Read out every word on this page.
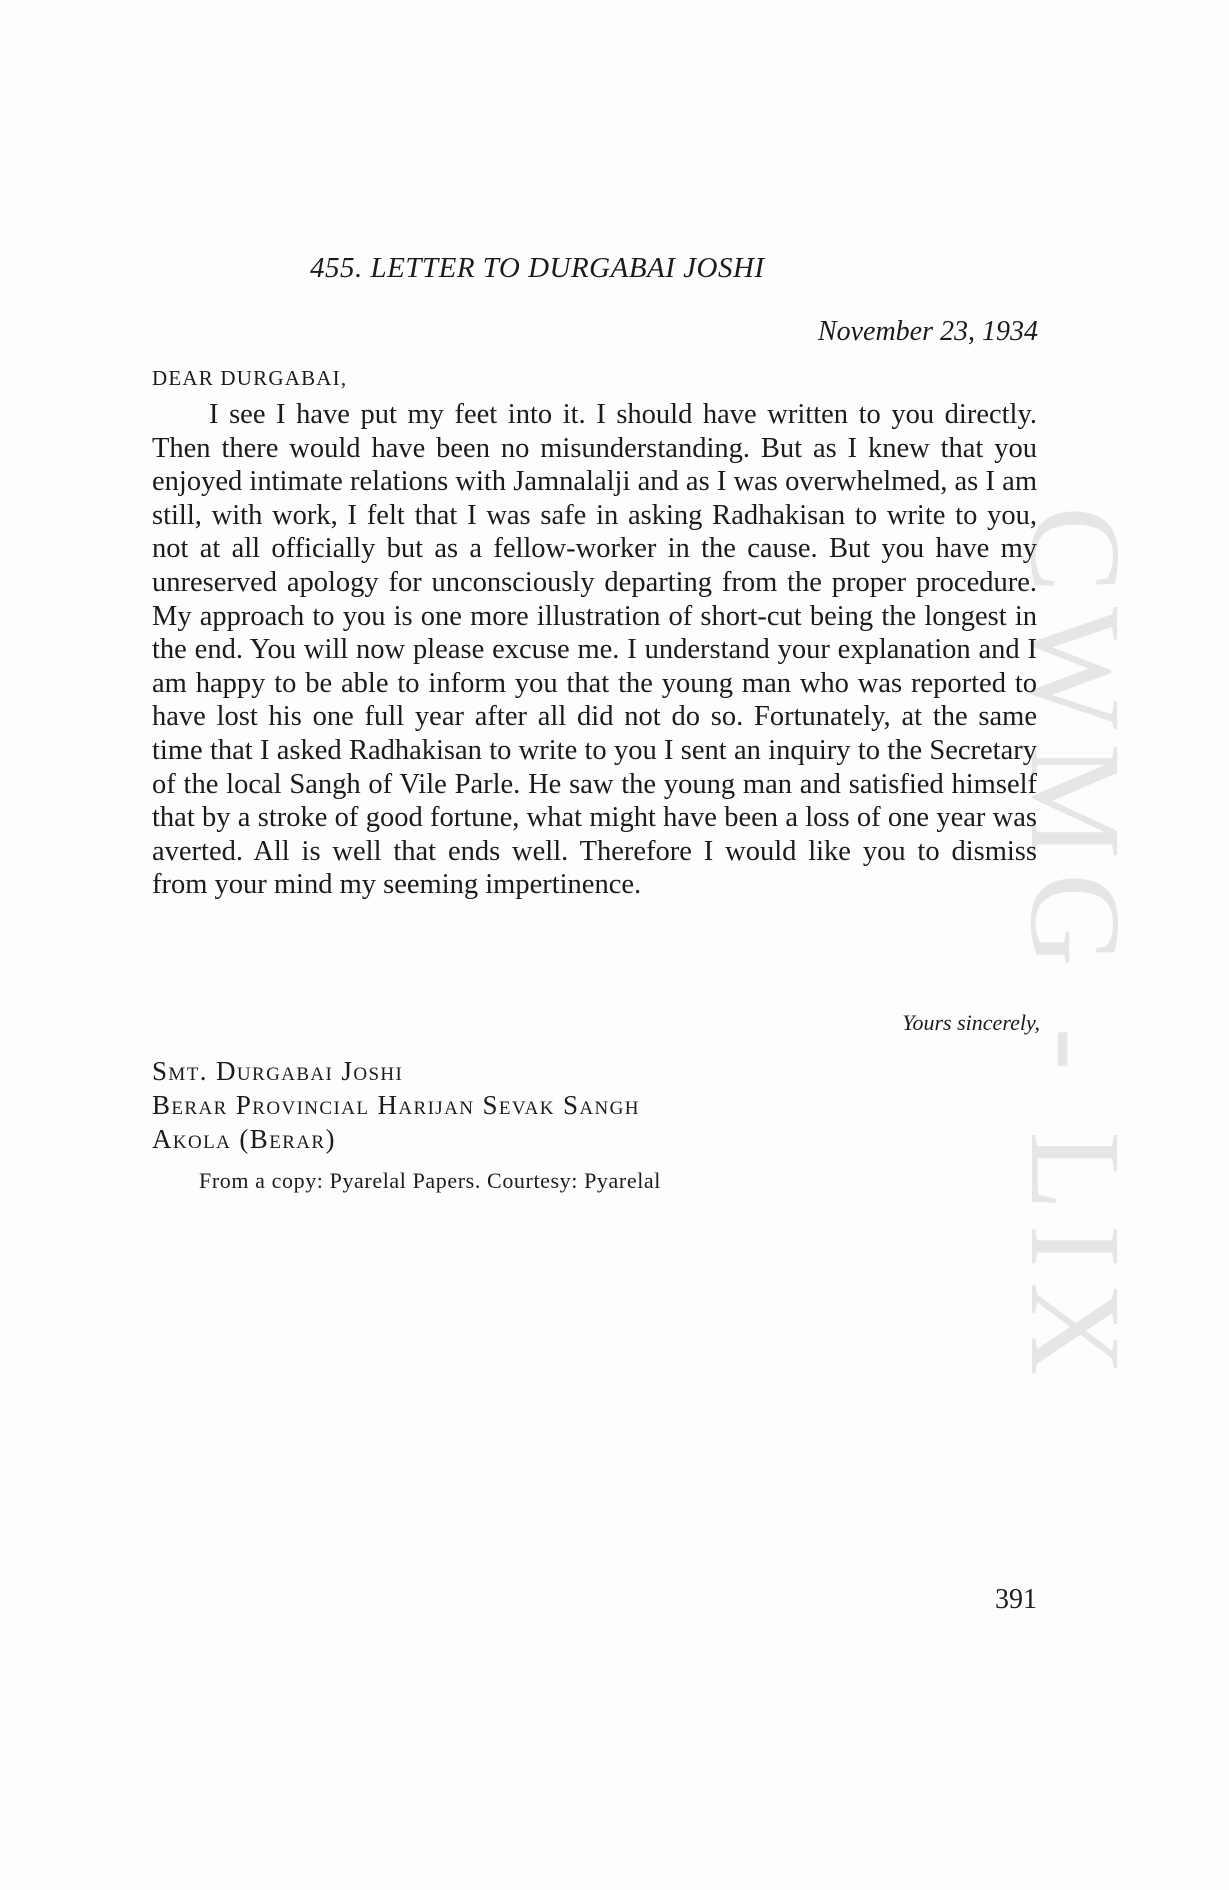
CWMG - LIX
455. LETTER TO DURGABAI JOSHI
November 23, 1934
DEAR DURGABAI,

I see I have put my feet into it. I should have written to you directly. Then there would have been no misunderstanding. But as I knew that you enjoyed intimate relations with Jamnalalji and as I was overwhelmed, as I am still, with work, I felt that I was safe in asking Radhakisan to write to you, not at all officially but as a fellow-worker in the cause. But you have my unreserved apology for unconsciously departing from the proper procedure. My approach to you is one more illustration of short-cut being the longest in the end. You will now please excuse me. I understand your explanation and I am happy to be able to inform you that the young man who was reported to have lost his one full year after all did not do so. Fortunately, at the same time that I asked Radhakisan to write to you I sent an inquiry to the Secretary of the local Sangh of Vile Parle. He saw the young man and satisfied himself that by a stroke of good fortune, what might have been a loss of one year was averted. All is well that ends well. Therefore I would like you to dismiss from your mind my seeming impertinence.

Yours sincerely,
Smt. Durgabai Joshi
Berar Provincial Harijan Sevak Sangh
Akola (Berar)
From a copy: Pyarelal Papers. Courtesy: Pyarelal
391
